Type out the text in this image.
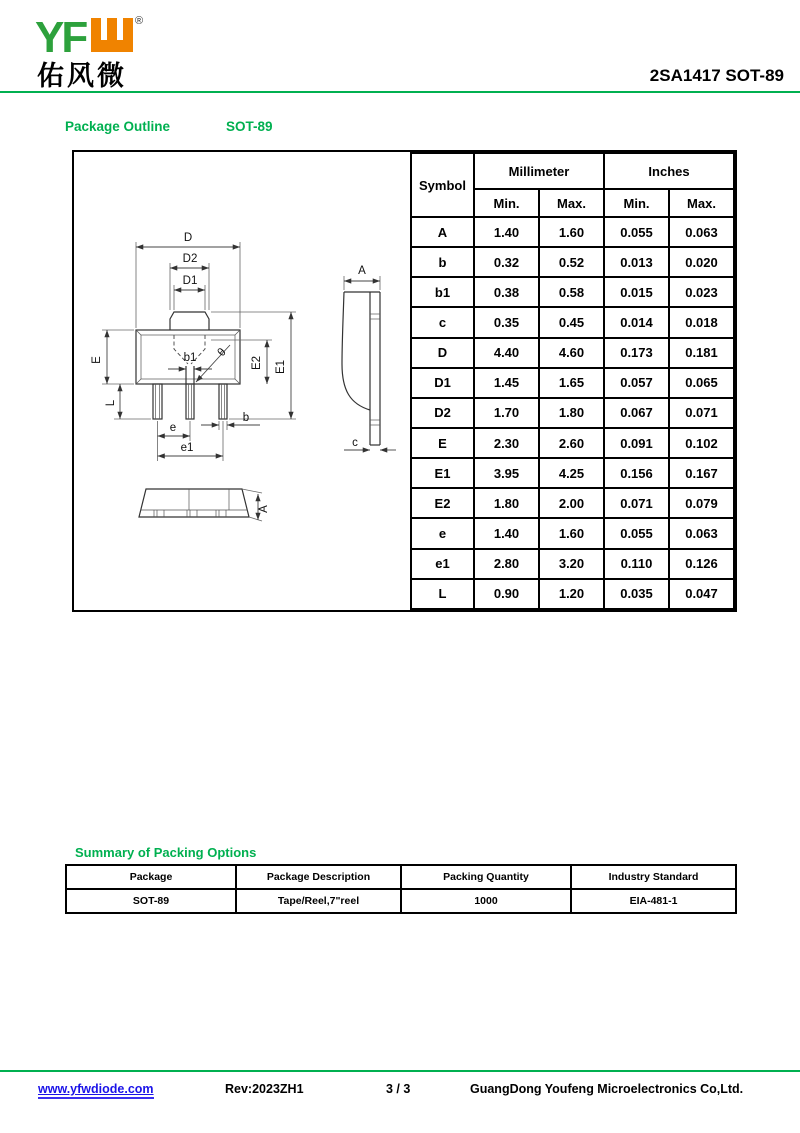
YF	®
佑风微	2SA1417 SOT-89
Package Outline	SOT-89
D
D2
D1
E
L
b1 θ
E2 E1
e
e1
b
A
c
A
Symbol	Millimeter		Inches	
	Min.	Max.	Min.	Max.
A	1.40	1.60	0.055	0.063
b	0.32	0.52	0.013	0.020
b1	0.38	0.58	0.015	0.023
c	0.35	0.45	0.014	0.018
D	4.40	4.60	0.173	0.181
D1	1.45	1.65	0.057	0.065
D2	1.70	1.80	0.067	0.071
E	2.30	2.60	0.091	0.102
E1	3.95	4.25	0.156	0.167
E2	1.80	2.00	0.071	0.079
e	1.40	1.60	0.055	0.063
e1	2.80	3.20	0.110	0.126
L	0.90	1.20	0.035	0.047
Summary of Packing Options
Package	Package Description	Packing Quantity	Industry Standard
SOT-89	Tape/Reel,7"reel	1000	EIA-481-1
www.yfwdiode.com	Rev:2023ZH1	3 / 3	GuangDong Youfeng Microelectronics Co,Ltd.
